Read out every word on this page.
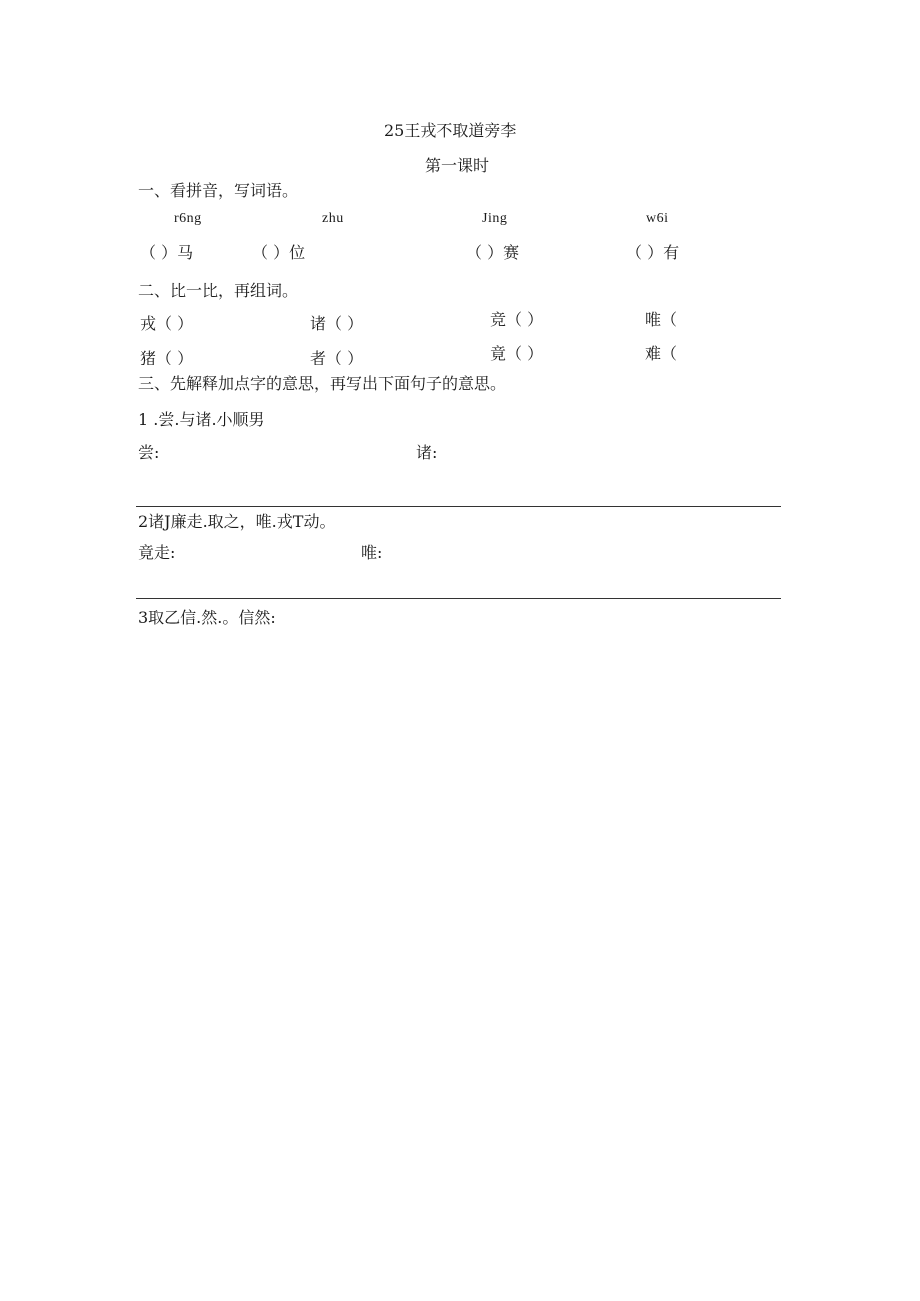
25王戎不取道旁李
第一课时
一、看拼音，写词语。
r6ng	zhu	Jing	w6i
（ ）马	（ ）位	（ ）赛	（ ）有
二、比一比，再组词。
戎（ ）	诸（ ）	竞（ ）	唯（
猪（ ）	者（ ）	竟（ ）	难（
三、先解释加点字的意思，再写出下面句子的意思。
1 .尝.与诸.小顺男
尝:	诸:
2诸J廉走.取之，唯.戎T动。
竟走:	唯:
3取乙信.然.。信然:
